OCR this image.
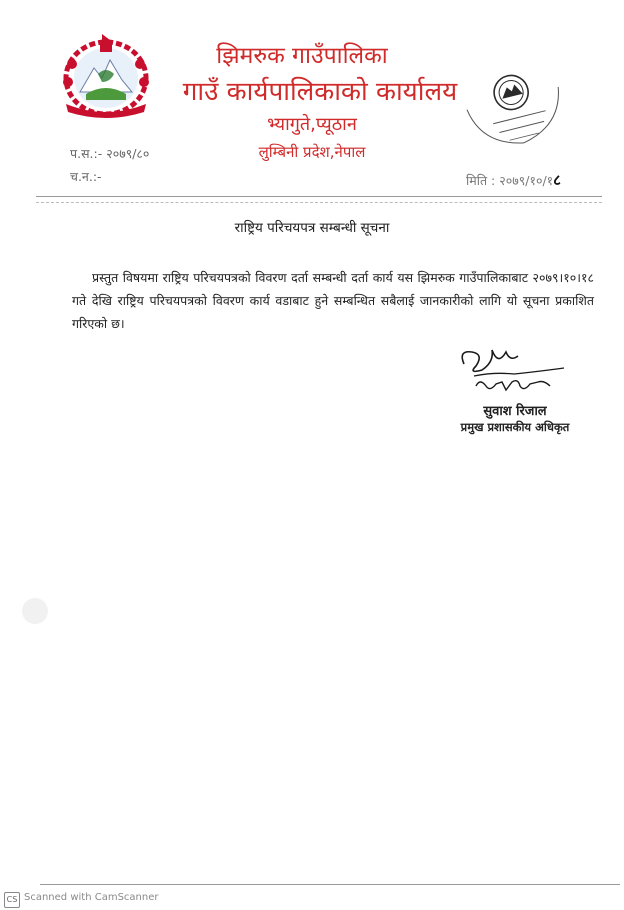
झिमरुक गाउँपालिका
गाउँ कार्यपालिकाको कार्यालय
भ्यागुते,प्यूठान
लुम्बिनी प्रदेश,नेपाल
प.स.:- २०७९/८०
च.न.:-	मिति : २०७९/१०/१८
राष्ट्रिय परिचयपत्र सम्बन्धी सूचना

प्रस्तुत विषयमा राष्ट्रिय परिचयपत्रको विवरण दर्ता सम्बन्धी दर्ता कार्य यस झिमरुक गाउँपालिकाबाट २०७९।१०।१८ गते देखि राष्ट्रिय परिचयपत्रको विवरण कार्य वडाबाट हुने सम्बन्धित सबैलाई जानकारीको लागि यो सूचना प्रकाशित गरिएको छ।

सुवाश रिजाल
प्रमुख प्रशासकीय अधिकृत
CS Scanned with CamScanner
